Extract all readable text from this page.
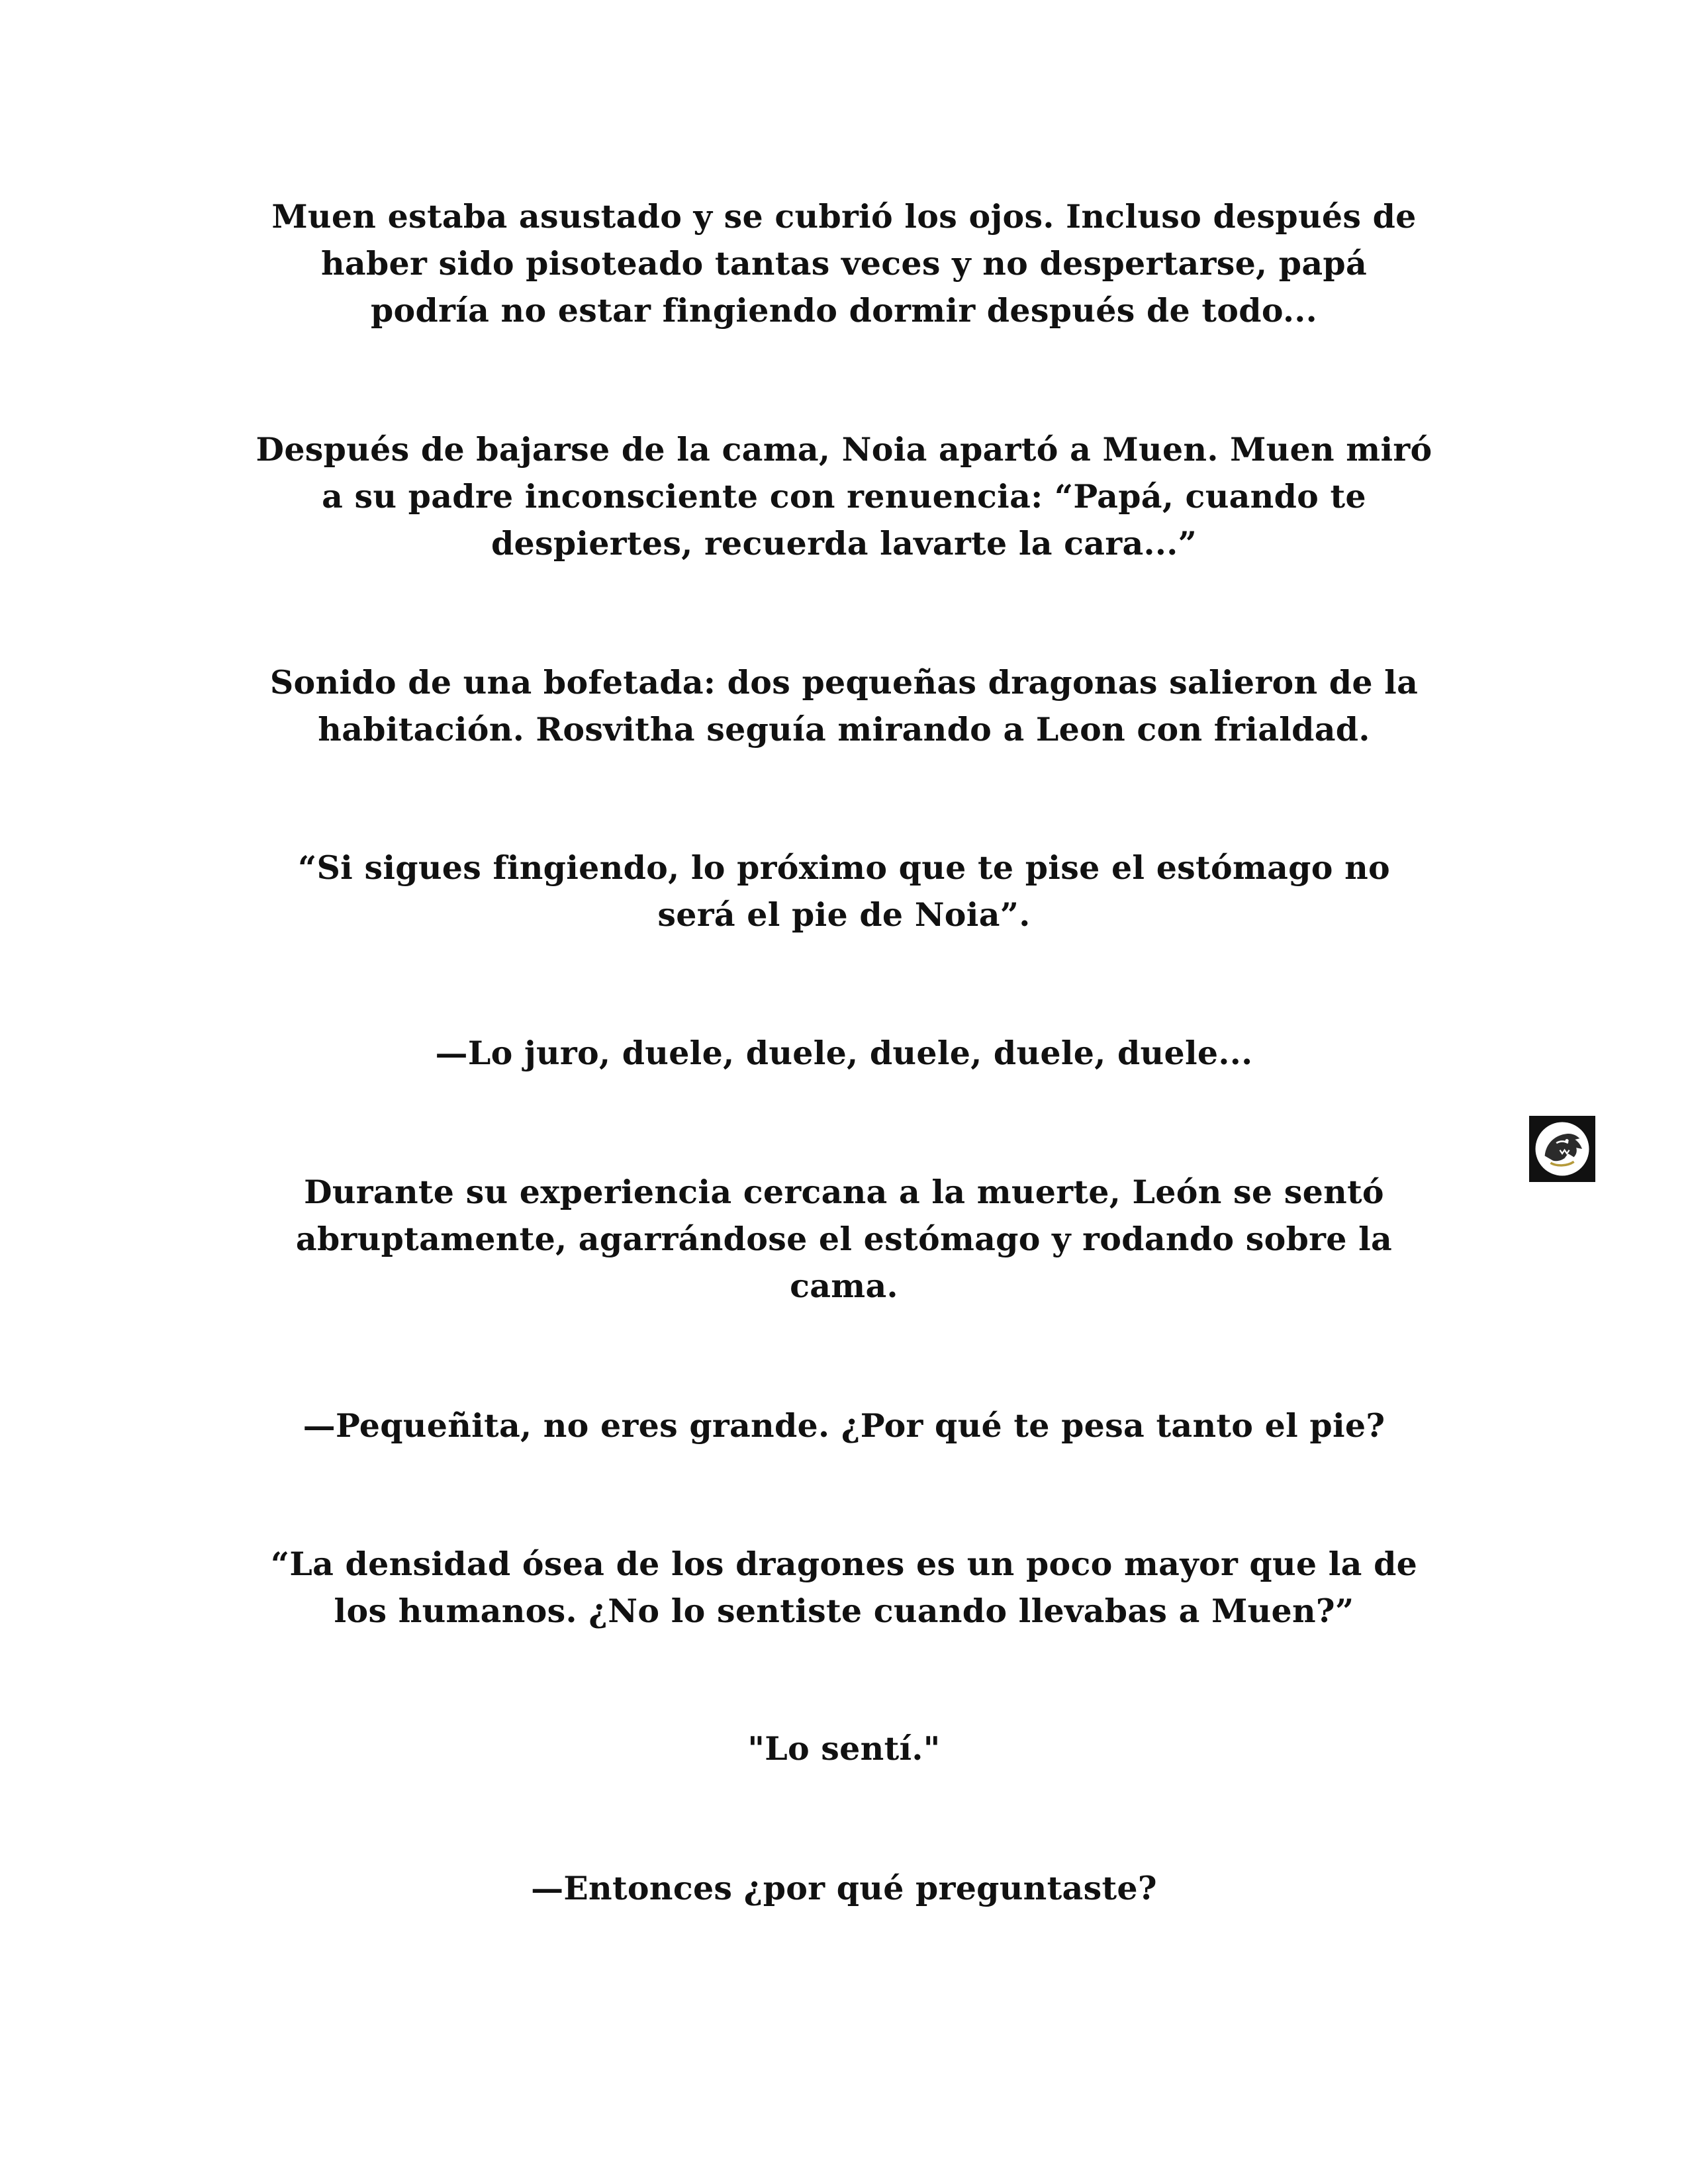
Muen estaba asustado y se cubrió los ojos. Incluso después de
haber sido pisoteado tantas veces y no despertarse, papá
podría no estar fingiendo dormir después de todo...

Después de bajarse de la cama, Noia apartó a Muen. Muen miró
a su padre inconsciente con renuencia: “Papá, cuando te
despiertes, recuerda lavarte la cara...”

Sonido de una bofetada: dos pequeñas dragonas salieron de la
habitación. Rosvitha seguía mirando a Leon con frialdad.

“Si sigues fingiendo, lo próximo que te pise el estómago no
será el pie de Noia”.

—Lo juro, duele, duele, duele, duele, duele...

Durante su experiencia cercana a la muerte, León se sentó
abruptamente, agarrándose el estómago y rodando sobre la
cama.

—Pequeñita, no eres grande. ¿Por qué te pesa tanto el pie?

“La densidad ósea de los dragones es un poco mayor que la de
los humanos. ¿No lo sentiste cuando llevabas a Muen?”

"Lo sentí."

—Entonces ¿por qué preguntaste?
